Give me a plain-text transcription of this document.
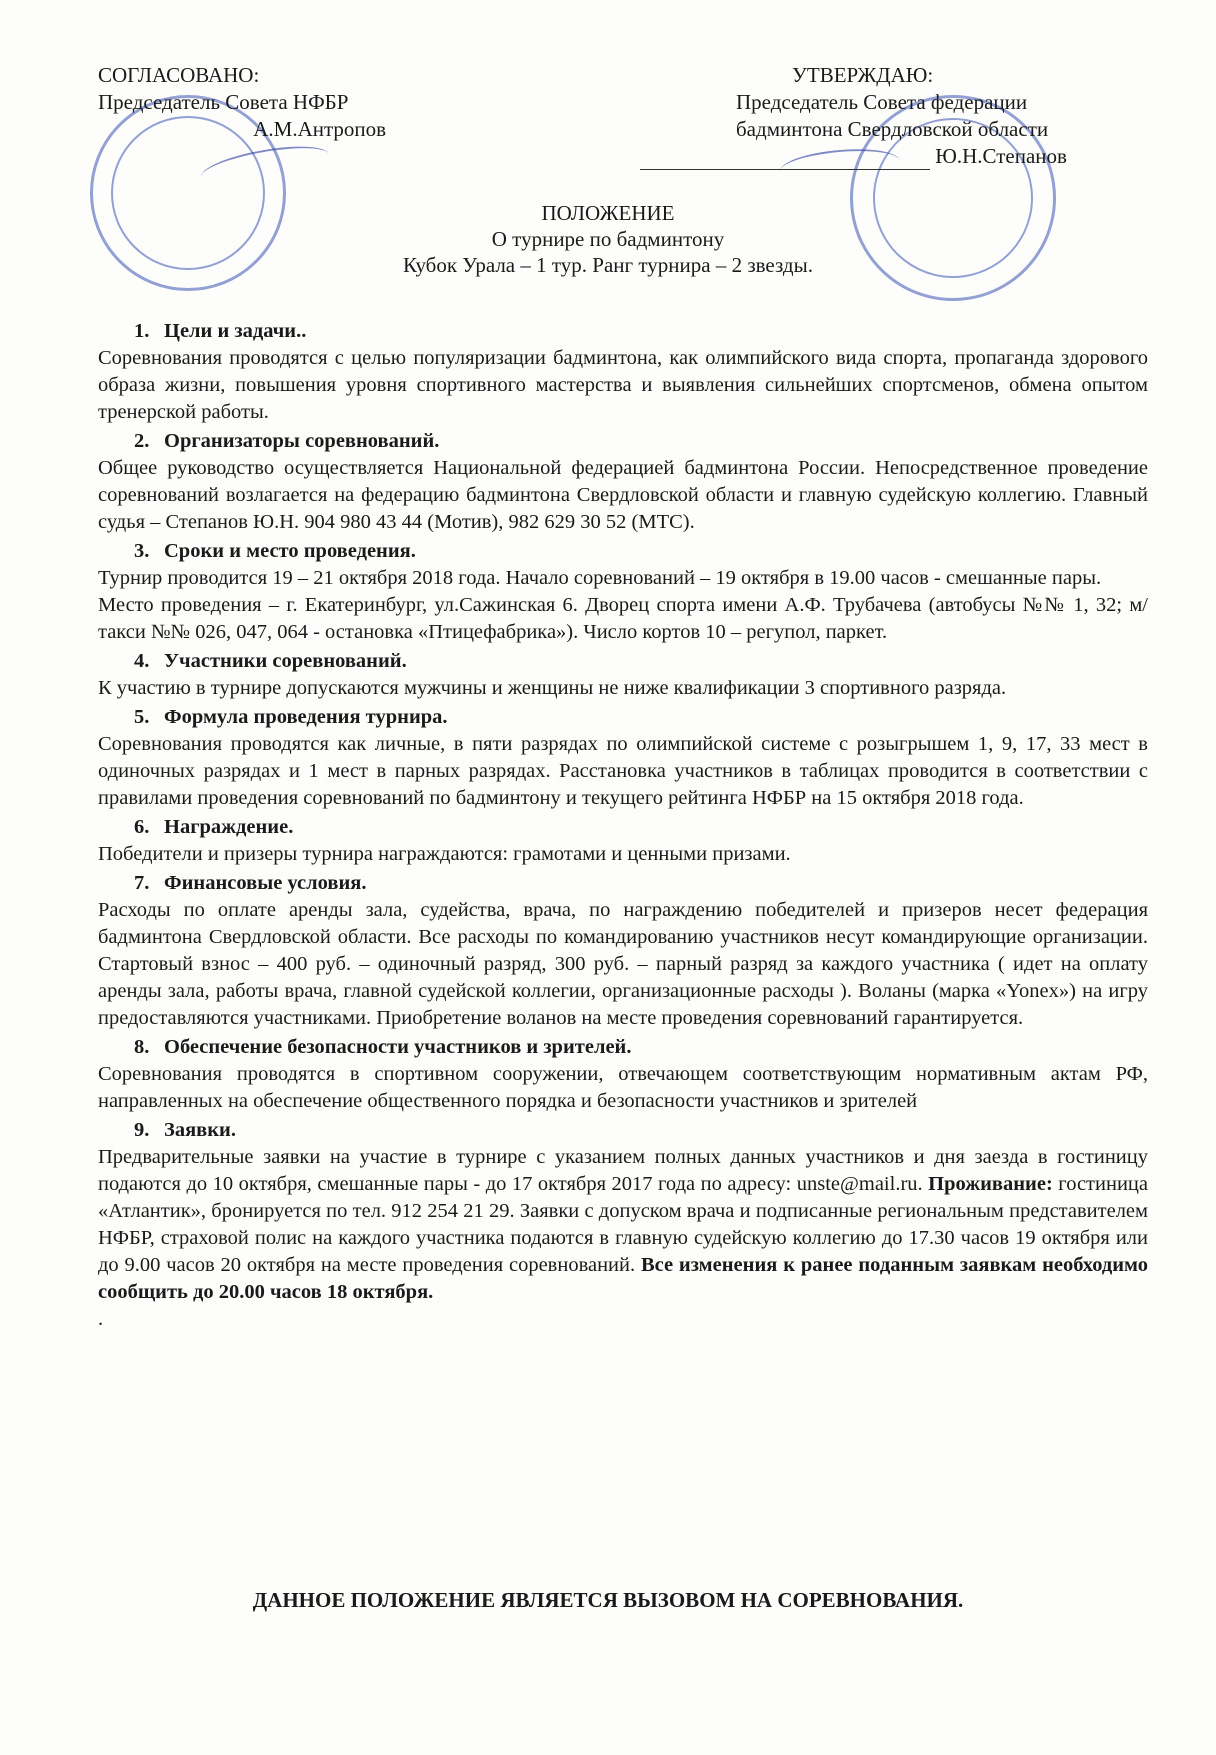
СОГЛАСОВАНО:
Председатель Совета НФБР
А.М.Антропов
УТВЕРЖДАЮ:
Председатель Совета федерации
бадминтона Свердловской области
Ю.Н.Степанов
ПОЛОЖЕНИЕ
О турнире по бадминтону
Кубок Урала – 1 тур. Ранг турнира – 2 звезды.
1. Цели и задачи..

Соревнования проводятся с целью популяризации бадминтона, как олимпийского вида спорта, пропаганда здорового образа жизни, повышения уровня спортивного мастерства и выявления сильнейших спортсменов, обмена опытом тренерской работы.

2. Организаторы соревнований.

Общее руководство осуществляется Национальной федерацией бадминтона России. Непосредственное проведение соревнований возлагается на федерацию бадминтона Свердловской области и главную судейскую коллегию. Главный судья – Степанов Ю.Н. 904 980 43 44 (Мотив), 982 629 30 52 (МТС).

3. Сроки и место проведения.

Турнир проводится 19 – 21 октября 2018 года. Начало соревнований – 19 октября в 19.00 часов - смешанные пары.

Место проведения – г. Екатеринбург, ул.Сажинская 6. Дворец спорта имени А.Ф. Трубачева (автобусы №№ 1, 32; м/такси №№ 026, 047, 064 - остановка «Птицефабрика»). Число кортов 10 – регупол, паркет.

4. Участники соревнований.

К участию в турнире допускаются мужчины и женщины не ниже квалификации 3 спортивного разряда.

5. Формула проведения турнира.

Соревнования проводятся как личные, в пяти разрядах по олимпийской системе с розыгрышем 1, 9, 17, 33 мест в одиночных разрядах и 1 мест в парных разрядах. Расстановка участников в таблицах проводится в соответствии с правилами проведения соревнований по бадминтону и текущего рейтинга НФБР на 15 октября 2018 года.

6. Награждение.

Победители и призеры турнира награждаются: грамотами и ценными призами.

7. Финансовые условия.

Расходы по оплате аренды зала, судейства, врача, по награждению победителей и призеров несет федерация бадминтона Свердловской области. Все расходы по командированию участников несут командирующие организации. Стартовый взнос – 400 руб. – одиночный разряд, 300 руб. – парный разряд за каждого участника ( идет на оплату аренды зала, работы врача, главной судейской коллегии, организационные расходы ). Воланы (марка «Yonex») на игру предоставляются участниками. Приобретение воланов на месте проведения соревнований гарантируется.

8. Обеспечение безопасности участников и зрителей.

Соревнования проводятся в спортивном сооружении, отвечающем соответствующим нормативным актам РФ, направленных на обеспечение общественного порядка и безопасности участников и зрителей

9. Заявки.

Предварительные заявки на участие в турнире с указанием полных данных участников и дня заезда в гостиницу подаются до 10 октября, смешанные пары - до 17 октября 2017 года по адресу: unste@mail.ru. Проживание: гостиница «Атлантик», бронируется по тел. 912 254 21 29. Заявки с допуском врача и подписанные региональным представителем НФБР, страховой полис на каждого участника подаются в главную судейскую коллегию до 17.30 часов 19 октября или до 9.00 часов 20 октября на месте проведения соревнований. Все изменения к ранее поданным заявкам необходимо сообщить до 20.00 часов 18 октября.

.
ДАННОЕ ПОЛОЖЕНИЕ ЯВЛЯЕТСЯ ВЫЗОВОМ НА СОРЕВНОВАНИЯ.
